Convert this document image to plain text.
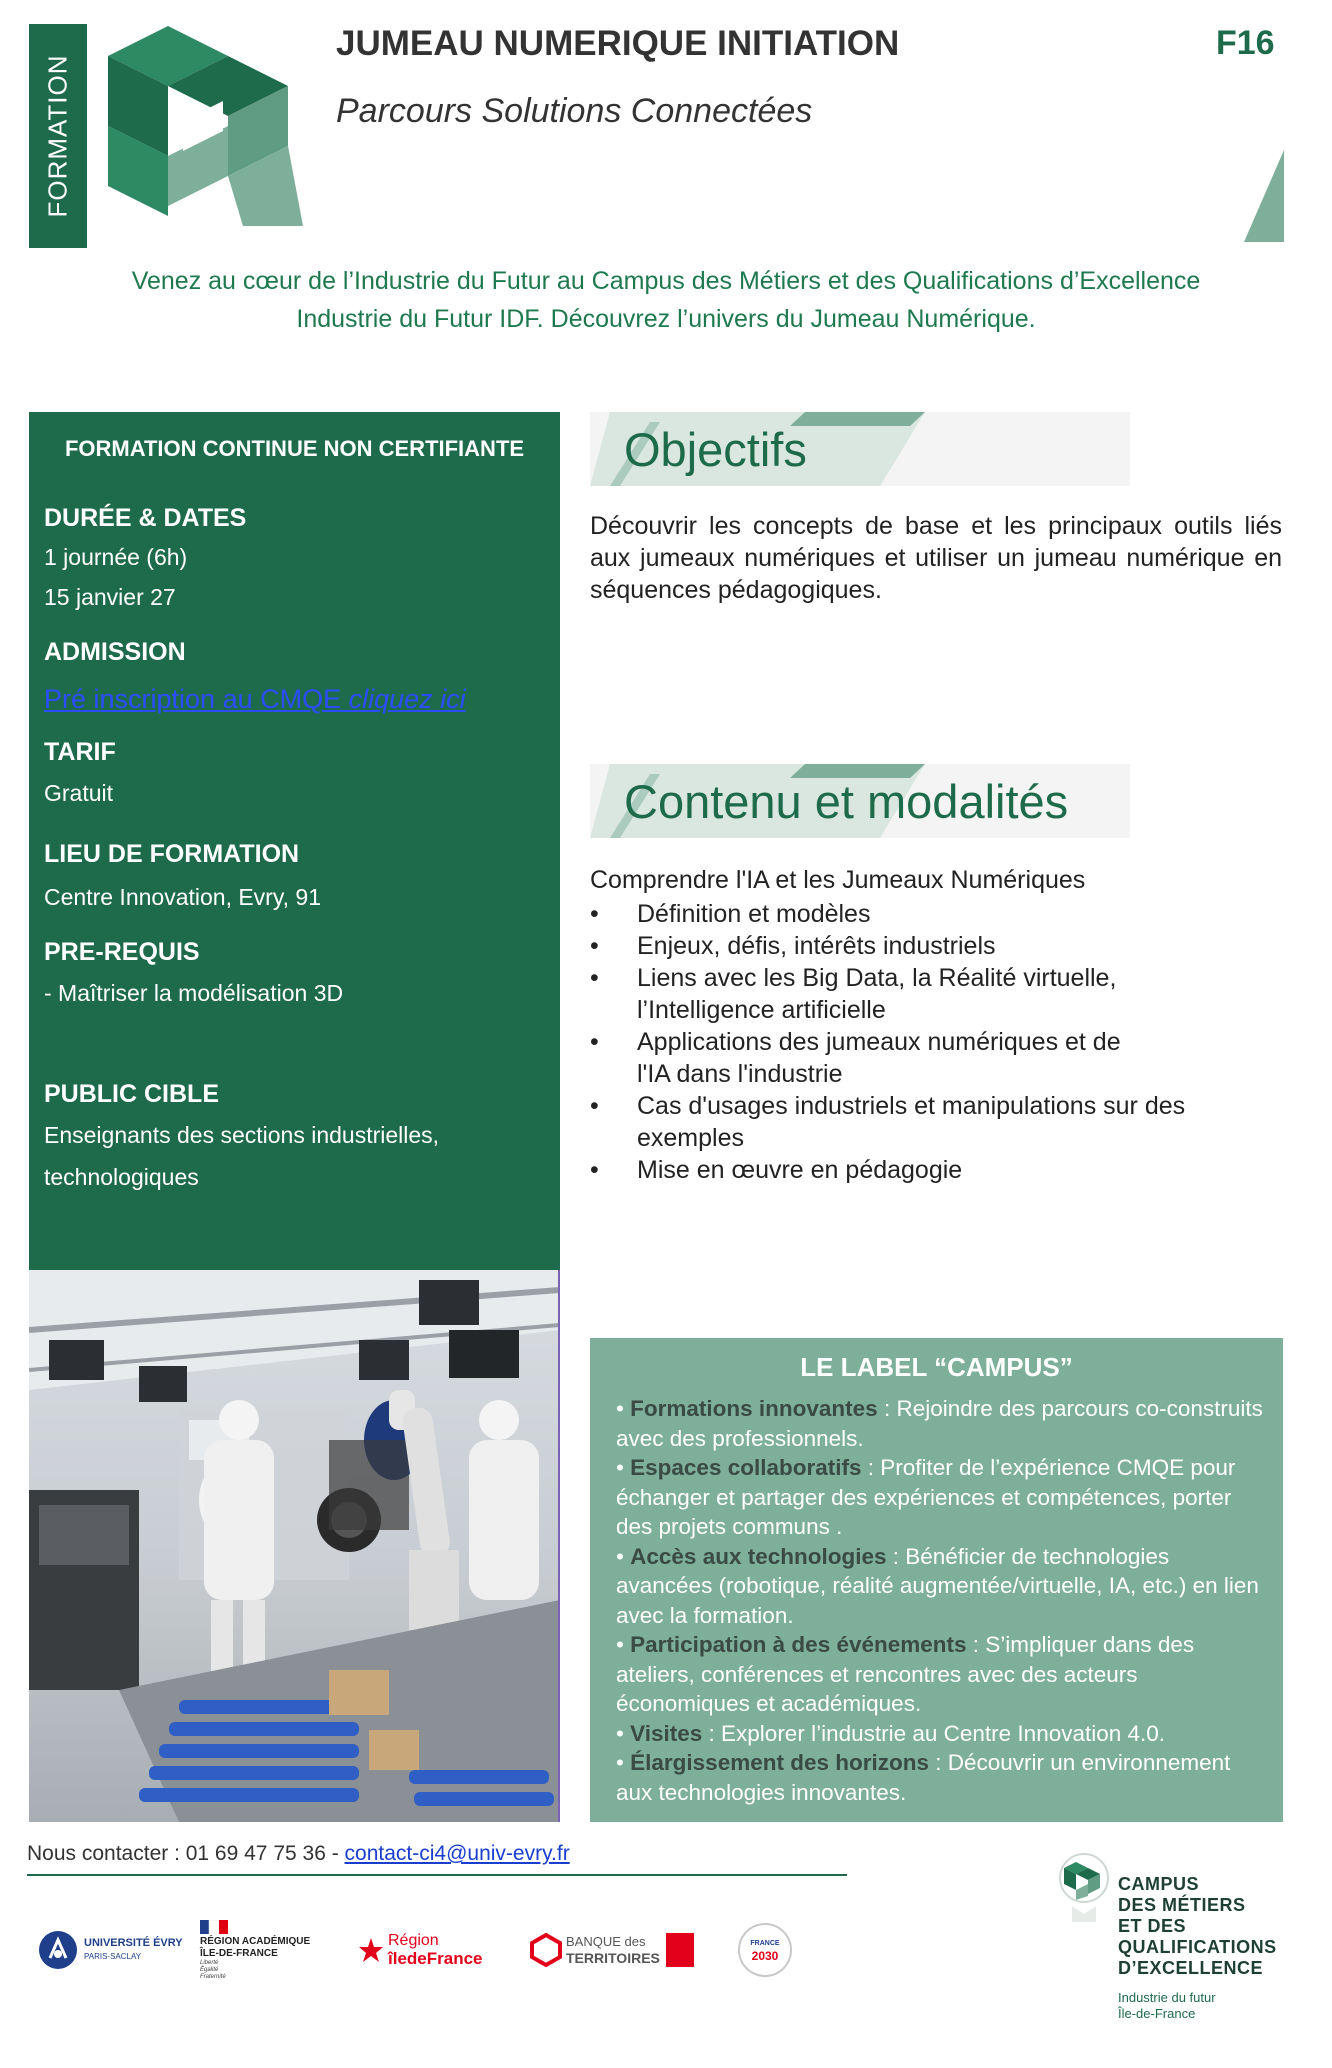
FORMATION
JUMEAU NUMERIQUE INITIATION
Parcours Solutions Connectées
F16
Venez au cœur de l’Industrie du Futur au Campus des Métiers et des Qualifications d’Excellence
Industrie du Futur IDF. Découvrez l’univers du Jumeau Numérique.
FORMATION CONTINUE NON CERTIFIANTE
DURÉE & DATES
1 journée (6h)
15 janvier 27
ADMISSION
Pré inscription au CMQE cliquez ici
TARIF
Gratuit
LIEU DE FORMATION
Centre Innovation, Evry, 91
PRE-REQUIS
- Maîtriser la modélisation 3D
PUBLIC CIBLE
Enseignants des sections industrielles,
technologiques
Objectifs
Découvrir les concepts de base et les principaux outils liés aux jumeaux numériques et utiliser un jumeau numérique en séquences pédagogiques.
Contenu et modalités
Comprendre l'IA et les Jumeaux Numériques
• Définition et modèles
• Enjeux, défis, intérêts industriels
• Liens avec les Big Data, la Réalité virtuelle, l’Intelligence artificielle
• Applications des jumeaux numériques et de l'IA dans l'industrie
• Cas d'usages industriels et manipulations sur des exemples
• Mise en œuvre en pédagogie
LE LABEL “CAMPUS”
• Formations innovantes : Rejoindre des parcours co-construits avec des professionnels.
• Espaces collaboratifs : Profiter de l’expérience CMQE pour échanger et partager des expériences et compétences, porter des projets communs .
• Accès aux technologies : Bénéficier de technologies avancées (robotique, réalité augmentée/virtuelle, IA, etc.) en lien avec la formation.
• Participation à des événements : S’impliquer dans des ateliers, conférences et rencontres avec des acteurs économiques et académiques.
• Visites : Explorer l’industrie au Centre Innovation 4.0.
• Élargissement des horizons : Découvrir un environnement aux technologies innovantes.
Nous contacter : 01 69 47 75 36 - contact-ci4@univ-evry.fr
UNIVERSITÉ ÉVRY
PARIS-SACLAY
RÉGION ACADÉMIQUE
ÎLE-DE-FRANCE
Liberté
Égalité
Fraternité
Région
îledeFrance
BANQUE des
TERRITOIRES
FRANCE
2030
CAMPUS
DES MÉTIERS
ET DES
QUALIFICATIONS
D’EXCELLENCE
Industrie du futur
Île-de-France
